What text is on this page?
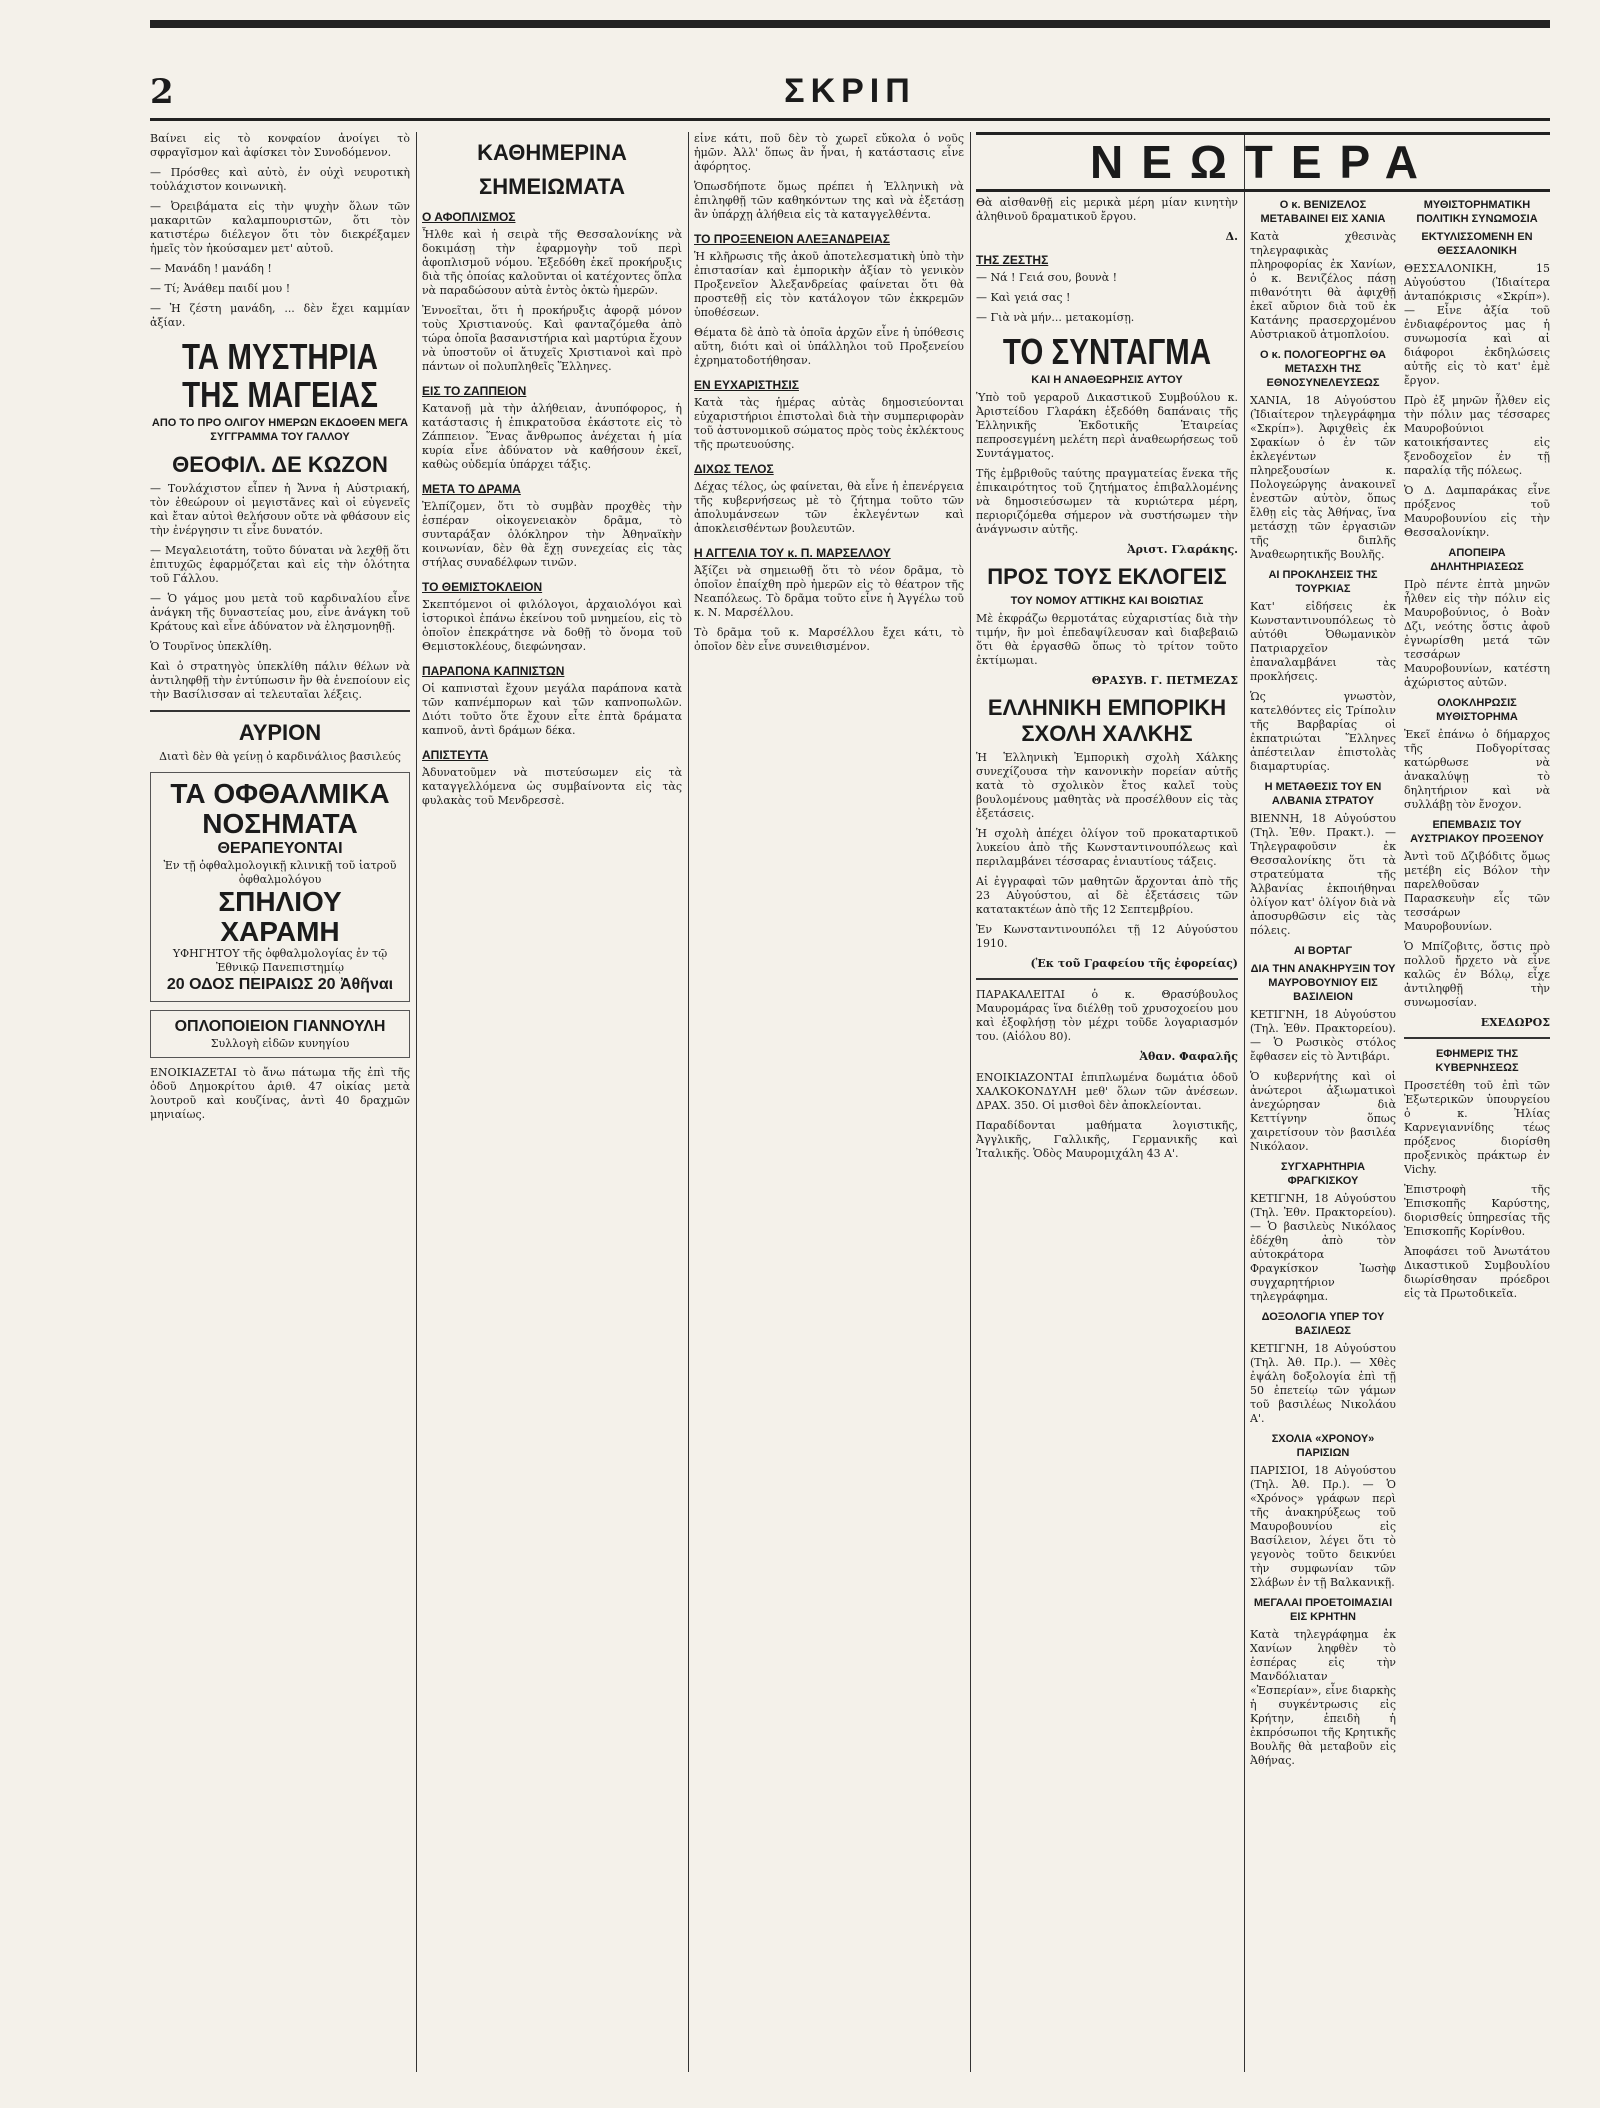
2	ΣΚΡΙΠ

Βαίνει εἰς τὸ κονφαίον ἀνοίγει τὸ σφραγῖσμον καὶ ἀφίσκει τὸν Συνοδόμενον.

— Πρόσθες καὶ αὐτὸ, ἐν οὐχὶ νευροτικὴ τοὐλάχιστον κοινωνικὴ.

— Ὀρειβάματα εἰς τὴν ψυχὴν ὅλων τῶν μακαριτῶν καλαμπουριστῶν, ὅτι τὸν κατιστέρω διέλεγον ὅτι τὸν διεκρέξαμεν ἡμεῖς τὸν ἠκούσαμεν μετ' αὐτοῦ.

— Μανάδη ! μανάδη !

— Τί; Ἀνάθεμ παιδί μου !

— Ἡ ζέστη μανάδη, ... δὲν ἔχει καμμίαν ἀξίαν.

ΤΑ ΜΥΣΤΗΡΙΑ ΤΗΣ ΜΑΓΕΙΑΣ
ΑΠΟ ΤΟ ΠΡΟ ΟΛΙΓΟΥ ΗΜΕΡΩΝ ΕΚΔΟΘΕΝ ΜΕΓΑ ΣΥΓΓΡΑΜΜΑ ΤΟΥ ΓΑΛΛΟΥ
ΘΕΟΦΙΛ. ΔΕ ΚΩΖΟΝ

— Τονλάχιστον εἶπεν ἡ Ἄννα ἡ Αὐστριακή, τὸν ἐθεώρουν οἱ μεγιστᾶνες καὶ οἱ εὐγενεῖς καὶ ἔταν αὐτοὶ θελήσουν οὔτε νὰ φθάσουν εἰς τὴν ἐνέργησιν τι εἶνε δυνατόν.

— Μεγαλειοτάτη, τοῦτο δύναται νὰ λεχθῇ ὅτι ἐπιτυχῶς ἐφαρμόζεται καὶ εἰς τὴν ὁλότητα τοῦ Γάλλου.

— Ὁ γάμος μου μετὰ τοῦ καρδιναλίου εἶνε ἀνάγκη τῆς δυναστείας μου, εἶνε ἀνάγκη τοῦ Κράτους καὶ εἶνε ἀδύνατον νὰ ἐλησμονηθῇ.

Ὁ Τουρῖνος ὑπεκλίθη.

Καὶ ὁ στρατηγὸς ὑπεκλίθη πάλιν θέλων νὰ ἀντιληφθῇ τὴν ἐντύπωσιν ἣν θὰ ἐνεποίουν εἰς τὴν Βασίλισσαν αἱ τελευταῖαι λέξεις.

ΑΥΡΙΟΝ

Διατὶ δὲν θὰ γείνῃ ὁ καρδινάλιος βασιλεύς

ΤΑ ΟΦΘΑΛΜΙΚΑ ΝΟΣΗΜΑΤΑ
ΘΕΡΑΠΕΥΟΝΤΑΙ
Ἐν τῇ ὀφθαλμολογικῇ κλινικῇ τοῦ ἰατροῦ ὀφθαλμολόγου
ΣΠΗΛΙΟΥ ΧΑΡΑΜΗ
ΥΦΗΓΗΤΟΥ τῆς ὀφθαλμολογίας ἐν τῷ Ἐθνικῷ Πανεπιστημίῳ
20 ΟΔΟΣ ΠΕΙΡΑΙΩΣ 20 Ἀθῆναι
ΟΠΛΟΠΟΙΕΙΟΝ ΓΙΑΝΝΟΥΛΗ
Συλλογὴ εἰδῶν κυνηγίου

ΕΝΟΙΚΙΑΖΕΤΑΙ τὸ ἄνω πάτωμα τῆς ἐπὶ τῆς ὁδοῦ Δημοκρίτου ἀριθ. 47 οἰκίας μετὰ λουτροῦ καὶ κουζίνας, ἀντὶ 40 δραχμῶν μηνιαίως.

ΚΑΘΗΜΕΡΙΝΑ
ΣΗΜΕΙΩΜΑΤΑ
Ο ΑΦΟΠΛΙΣΜΟΣ

Ἦλθε καὶ ἡ σειρὰ τῆς Θεσσαλονίκης νὰ δοκιμάσῃ τὴν ἐφαρμογὴν τοῦ περὶ ἀφοπλισμοῦ νόμου. Ἐξεδόθη ἐκεῖ προκήρυξις διὰ τῆς ὁποίας καλοῦνται οἱ κατέχοντες ὅπλα νὰ παραδώσουν αὐτὰ ἐντὸς ὀκτὼ ἡμερῶν.

Ἐννοεῖται, ὅτι ἡ προκήρυξις ἀφορᾷ μόνον τοὺς Χριστιανούς. Καὶ φανταζόμεθα ἀπὸ τώρα ὁποῖα βασανιστήρια καὶ μαρτύρια ἔχουν νὰ ὑποστοῦν οἱ ἄτυχεῖς Χριστιανοὶ καὶ πρὸ πάντων οἱ πολυπληθεῖς Ἕλληνες.

ΕΙΣ ΤΟ ΖΑΠΠΕΙΟΝ

Κατανοῇ μὰ τὴν ἀλήθειαν, ἀνυπόφορος, ἡ κατάστασις ἡ ἐπικρατοῦσα ἐκάστοτε εἰς τὸ Ζάππειον. Ἕνας ἄνθρωπος ἀνέχεται ἡ μία κυρία εἶνε ἀδύνατον νὰ καθήσουν ἐκεῖ, καθὼς οὐδεμία ὑπάρχει τάξις.

ΜΕΤΑ ΤΟ ΔΡΑΜΑ

Ἐλπίζομεν, ὅτι τὸ συμβὰν προχθὲς τὴν ἑσπέραν οἰκογενειακὸν δρᾶμα, τὸ συνταράξαν ὁλόκληρον τὴν Ἀθηναϊκὴν κοινωνίαν, δὲν θὰ ἔχῃ συνεχείας εἰς τὰς στήλας συναδέλφων τινῶν.

ΤΟ ΘΕΜΙΣΤΟΚΛΕΙΟΝ

Σκεπτόμενοι οἱ φιλόλογοι, ἀρχαιολόγοι καὶ ἱστορικοὶ ἐπάνω ἐκείνου τοῦ μνημείου, εἰς τὸ ὁποῖον ἐπεκράτησε νὰ δοθῇ τὸ ὄνομα τοῦ Θεμιστοκλέους, διεφώνησαν.

ΠΑΡΑΠΟΝΑ ΚΑΠΝΙΣΤΩΝ

Οἱ καπνισταὶ ἔχουν μεγάλα παράπονα κατὰ τῶν καπνέμπορων καὶ τῶν καπνοπωλῶν. Διότι τοῦτο ὅτε ἔχουν εἶτε ἐπτὰ δράματα καπνοῦ, ἀντὶ δράμων δέκα.

ΑΠΙΣΤΕΥΤΑ

Ἀδυνατοῦμεν νὰ πιστεύσωμεν εἰς τὰ καταγγελλόμενα ὡς συμβαίνοντα εἰς τὰς φυλακὰς τοῦ Μενδρεσσὲ.

εἶνε κάτι, ποῦ δὲν τὸ χωρεῖ εὔκολα ὁ νοῦς ἡμῶν. Ἀλλ' ὅπως ἂν ἦναι, ἡ κατάστασις εἶνε ἀφόρητος.

Ὁπωσδήποτε ὅμως πρέπει ἡ Ἑλληνικὴ νὰ ἐπιληφθῇ τῶν καθηκόντων της καὶ νὰ ἐξετάσῃ ἂν ὑπάρχῃ ἀλήθεια εἰς τὰ καταγγελθέντα.

ΤΟ ΠΡΟΞΕΝΕΙΟΝ ΑΛΕΞΑΝΔΡΕΙΑΣ

Ἡ κλῆρωσις τῆς ἀκοῦ ἀποτελεσματικὴ ὑπὸ τὴν ἐπιστασίαν καὶ ἐμπορικὴν ἀξίαν τὸ γενικὸν Προξενεῖον Ἀλεξανδρείας φαίνεται ὅτι θὰ προστεθῇ εἰς τὸν κατάλογον τῶν ἐκκρεμῶν ὑποθέσεων.

Θέματα δὲ ἀπὸ τὰ ὁποῖα ἀρχῶν εἶνε ἡ ὑπόθεσις αὕτη, διότι καὶ οἱ ὑπάλληλοι τοῦ Προξενείου ἐχρηματοδοτήθησαν.

ΕΝ ΕΥΧΑΡΙΣΤΗΣΙΣ

Κατὰ τὰς ἡμέρας αὐτὰς δημοσιεύονται εὐχαριστήριοι ἐπιστολαὶ διὰ τὴν συμπεριφορὰν τοῦ ἀστυνομικοῦ σώματος πρὸς τοὺς ἐκλέκτους τῆς πρωτευούσης.

ΔΙΧΩΣ ΤΕΛΟΣ

Δέχας τέλος, ὡς φαίνεται, θὰ εἶνε ἡ ἐπενέργεια τῆς κυβερνήσεως μὲ τὸ ζήτημα τοῦτο τῶν ἀπολυμάνσεων τῶν ἐκλεγέντων καὶ ἀποκλεισθέντων βουλευτῶν.

Η ΑΓΓΕΛΙΑ ΤΟΥ κ. Π. ΜΑΡΣΕΛΛΟΥ

Ἀξίζει νὰ σημειωθῇ ὅτι τὸ νέον δρᾶμα, τὸ ὁποῖον ἐπαίχθη πρὸ ἡμερῶν εἰς τὸ θέατρον τῆς Νεαπόλεως. Τὸ δρᾶμα τοῦτο εἶνε ἡ Ἀγγέλω τοῦ κ. Ν. Μαρσέλλου.

Τὸ δρᾶμα τοῦ κ. Μαρσέλλου ἔχει κάτι, τὸ ὁποῖον δὲν εἶνε συνειθισμένον.

ΝΕΩΤΕΡΑ

Θὰ αἰσθανθῇ εἰς μερικὰ μέρη μίαν κινητὴν ἀληθινοῦ δραματικοῦ ἔργου.

Δ.
ΤΗΣ ΖΕΣΤΗΣ

— Νά ! Γειά σου, βουνὰ !

— Καὶ γειά σας !

— Γιὰ νὰ μήν... μετακομίσῃ.

ΤΟ ΣΥΝΤΑΓΜΑ
ΚΑΙ Η ΑΝΑΘΕΩΡΗΣΙΣ ΑΥΤΟΥ

Ὑπὸ τοῦ γεραροῦ Δικαστικοῦ Συμβούλου κ. Ἀριστείδου Γλαράκη ἐξεδόθη δαπάναις τῆς Ἑλληνικῆς Ἐκδοτικῆς Ἑταιρείας πεπροσεγμένη μελέτη περὶ ἀναθεωρήσεως τοῦ Συντάγματος.

Τῆς ἐμβριθοῦς ταύτης πραγματείας ἕνεκα τῆς ἐπικαιρότητος τοῦ ζητήματος ἐπιβαλλομένης νὰ δημοσιεύσωμεν τὰ κυριώτερα μέρη, περιοριζόμεθα σήμερον νὰ συστήσωμεν τὴν ἀνάγνωσιν αὐτῆς.

Ἀριστ. Γλαράκης.
ΠΡΟΣ ΤΟΥΣ ΕΚΛΟΓΕΙΣ
ΤΟΥ ΝΟΜΟΥ ΑΤΤΙΚΗΣ ΚΑΙ ΒΟΙΩΤΙΑΣ

Μὲ ἐκφράζω θερμοτάτας εὐχαριστίας διὰ τὴν τιμήν, ἣν μοὶ ἐπεδαψίλευσαν καὶ διαβεβαιῶ ὅτι θὰ ἐργασθῶ ὅπως τὸ τρίτον τοῦτο ἐκτίμωμαι.

ΘΡΑΣΥΒ. Γ. ΠΕΤΜΕΖΑΣ
ΕΛΛΗΝΙΚΗ ΕΜΠΟΡΙΚΗ ΣΧΟΛΗ ΧΑΛΚΗΣ

Ἡ Ἑλληνικὴ Ἐμπορικὴ σχολὴ Χάλκης συνεχίζουσα τὴν κανονικὴν πορείαν αὐτῆς κατὰ τὸ σχολικὸν ἔτος καλεῖ τοὺς βουλομένους μαθητὰς νὰ προσέλθουν εἰς τὰς ἐξετάσεις.

Ἡ σχολὴ ἀπέχει ὀλίγον τοῦ προκαταρτικοῦ λυκείου ἀπὸ τῆς Κωνσταντινουπόλεως καὶ περιλαμβάνει τέσσαρας ἐνιαυτίους τάξεις.

Αἱ ἐγγραφαὶ τῶν μαθητῶν ἄρχονται ἀπὸ τῆς 23 Αὐγούστου, αἱ δὲ ἐξετάσεις τῶν κατατακτέων ἀπὸ τῆς 12 Σεπτεμβρίου.

Ἐν Κωνσταντινουπόλει τῇ 12 Αὐγούστου 1910.

(Ἐκ τοῦ Γραφείου τῆς ἐφορείας)

ΠΑΡΑΚΑΛΕΙΤΑΙ ὁ κ. Θρασύβουλος Μαυρομάρας ἵνα διέλθῃ τοῦ χρυσοχοείου μου καὶ ἐξοφλήσῃ τὸν μέχρι τοῦδε λογαριασμόν του. (Αἰόλου 80).

Ἀθαν. Φαφαλῆς

ΕΝΟΙΚΙΑΖΟΝΤΑΙ ἐπιπλωμένα δωμάτια ὁδοῦ ΧΑΛΚΟΚΟΝΔΥΛΗ μεθ' ὅλων τῶν ἀνέσεων. ΔΡΑΧ. 350. Οἱ μισθοὶ δὲν ἀποκλείονται.

Παραδίδονται μαθήματα λογιστικῆς, Ἀγγλικῆς, Γαλλικῆς, Γερμανικῆς καὶ Ἰταλικῆς. Ὁδὸς Μαυρομιχάλη 43 Α'.

Ο κ. ΒΕΝΙΖΕΛΟΣ ΜΕΤΑΒΑΙΝΕΙ ΕΙΣ ΧΑΝΙΑ

Κατὰ χθεσινὰς τηλεγραφικὰς πληροφορίας ἐκ Χανίων, ὁ κ. Βενιζέλος πάσῃ πιθανότητι θὰ ἀφιχθῇ ἐκεῖ αὔριον διὰ τοῦ ἐκ Κατάνης πρασερχομένου Αὐστριακοῦ ἀτμοπλοίου.

Ο κ. ΠΟΛΟΓΕΟΡΓΗΣ ΘΑ ΜΕΤΑΣΧΗ ΤΗΣ ΕΘΝΟΣΥΝΕΛΕΥΣΕΩΣ

ΧΑΝΙΑ, 18 Αὐγούστου (Ἰδιαίτερον τηλεγράφημα «Σκρίπ»). Ἀφιχθεὶς ἐκ Σφακίων ὁ ἐν τῶν ἐκλεγέντων πληρεξουσίων κ. Πολογεώργης ἀνακοινεῖ ἐνεστῶν αὐτὸν, ὅπως ἔλθῃ εἰς τὰς Ἀθήνας, ἵνα μετάσχῃ τῶν ἐργασιῶν τῆς διπλῆς Ἀναθεωρητικῆς Βουλῆς.

ΑΙ ΠΡΟΚΛΗΣΕΙΣ ΤΗΣ ΤΟΥΡΚΙΑΣ

Κατ' εἰδήσεις ἐκ Κωνσταντινουπόλεως τὸ αὐτόθι Ὀθωμανικὸν Πατριαρχεῖον ἐπαναλαμβάνει τὰς προκλήσεις.

Ὡς γνωστὸν, κατελθόντες εἰς Τρίπολιν τῆς Βαρβαρίας οἱ ἐκπατριώται Ἕλληνες ἀπέστειλαν ἐπιστολὰς διαμαρτυρίας.

Η ΜΕΤΑΘΕΣΙΣ ΤΟΥ ΕΝ ΑΛΒΑΝΙΑ ΣΤΡΑΤΟΥ

ΒΙΕΝΝΗ, 18 Αὐγούστου (Τηλ. Ἐθν. Πρακτ.). — Τηλεγραφοῦσιν ἐκ Θεσσαλονίκης ὅτι τὰ στρατεύματα τῆς Ἀλβανίας ἐκποιήθηναι ὀλίγον κατ' ὀλίγον διὰ νὰ ἀποσυρθῶσιν εἰς τὰς πόλεις.

ΑΙ ΒΟΡΤΑΓ
ΔΙΑ ΤΗΝ ΑΝΑΚΗΡΥΞΙΝ ΤΟΥ ΜΑΥΡΟΒΟΥΝΙΟΥ ΕΙΣ ΒΑΣΙΛΕΙΟΝ

ΚΕΤΙΓΝΗ, 18 Αὐγούστου (Τηλ. Ἐθν. Πρακτορείου). — Ὁ Ρωσικὸς στόλος ἔφθασεν εἰς τὸ Ἀντιβάρι.

Ὁ κυβερνήτης καὶ οἱ ἀνώτεροι ἀξιωματικοὶ ἀνεχώρησαν διὰ Κεττίγνην ὅπως χαιρετίσουν τὸν βασιλέα Νικόλαον.

ΣΥΓΧΑΡΗΤΗΡΙΑ ΦΡΑΓΚΙΣΚΟΥ

ΚΕΤΙΓΝΗ, 18 Αὐγούστου (Τηλ. Ἐθν. Πρακτορείου). — Ὁ βασιλεὺς Νικόλαος ἐδέχθη ἀπὸ τὸν αὐτοκράτορα Φραγκίσκον Ἰωσὴφ συγχαρητήριον τηλεγράφημα.

ΔΟΞΟΛΟΓΙΑ ΥΠΕΡ ΤΟΥ ΒΑΣΙΛΕΩΣ

ΚΕΤΙΓΝΗ, 18 Αὐγούστου (Τηλ. Ἀθ. Πρ.). — Χθὲς ἐψάλη δοξολογία ἐπὶ τῇ 50 ἐπετείῳ τῶν γάμων τοῦ βασιλέως Νικολάου Α'.

ΣΧΟΛΙΑ «ΧΡΟΝΟΥ» ΠΑΡΙΣΙΩΝ

ΠΑΡΙΣΙΟΙ, 18 Αὐγούστου (Τηλ. Ἀθ. Πρ.). — Ὁ «Χρόνος» γράφων περὶ τῆς ἀνακηρύξεως τοῦ Μαυροβουνίου εἰς Βασίλειον, λέγει ὅτι τὸ γεγονὸς τοῦτο δεικνύει τὴν συμφωνίαν τῶν Σλάβων ἐν τῇ Βαλκανικῇ.

ΜΕΓΑΛΑΙ ΠΡΟΕΤΟΙΜΑΣΙΑΙ ΕΙΣ ΚΡΗΤΗΝ

Κατὰ τηλεγράφημα ἐκ Χανίων ληφθὲν τὸ ἑσπέρας εἰς τὴν Μανδόλιαταν «Ἑσπερίαν», εἶνε διαρκὴς ἡ συγκέντρωσις εἰς Κρήτην, ἐπειδὴ ἡ ἐκπρόσωποι τῆς Κρητικῆς Βουλῆς θὰ μεταβοῦν εἰς Ἀθήνας.

ΜΥΘΙΣΤΟΡΗΜΑΤΙΚΗ ΠΟΛΙΤΙΚΗ ΣΥΝΩΜΟΣΙΑ
ΕΚΤΥΛΙΣΣΟΜΕΝΗ ΕΝ ΘΕΣΣΑΛΟΝΙΚΗ

ΘΕΣΣΑΛΟΝΙΚΗ, 15 Αὐγούστου (Ἰδιαίτερα ἀνταπόκρισις «Σκρίπ»). — Εἶνε ἀξία τοῦ ἐνδιαφέροντος μας ἡ συνωμοσία καὶ αἱ διάφοροι ἐκδηλώσεις αὐτῆς εἰς τὸ κατ' ἐμὲ ἔργον.

Πρὸ ἐξ μηνῶν ἦλθεν εἰς τὴν πόλιν μας τέσσαρες Μαυροβούνιοι κατοικήσαντες εἰς ξενοδοχεῖον ἐν τῇ παραλίᾳ τῆς πόλεως.

Ὁ Δ. Δαμπαράκας εἶνε πρόξενος τοῦ Μαυροβουνίου εἰς τὴν Θεσσαλονίκην.

ΑΠΟΠΕΙΡΑ ΔΗΛΗΤΗΡΙΑΣΕΩΣ

Πρὸ πέντε ἐπτὰ μηνῶν ἦλθεν εἰς τὴν πόλιν εἰς Μαυροβούνιος, ὁ Βοὰν Δζι, νεότης ὅστις ἀφοῦ ἐγνωρίσθη μετά τῶν τεσσάρων Μαυροβουνίων, κατέστη ἀχώριστος αὐτῶν.

ΟΛΟΚΛΗΡΩΣΙΣ ΜΥΘΙΣΤΟΡΗΜΑ

Ἐκεῖ ἐπάνω ὁ δήμαρχος τῆς Ποδγορίτσας κατώρθωσε νὰ ἀνακαλύψῃ τὸ δηλητήριον καὶ νὰ συλλάβῃ τὸν ἔνοχον.

ΕΠΕΜΒΑΣΙΣ ΤΟΥ ΑΥΣΤΡΙΑΚΟΥ ΠΡΟΞΕΝΟΥ

Ἀντὶ τοῦ Δζιβόδιτς ὅμως μετέβη εἰς Βόλον τὴν παρελθοῦσαν Παρασκευὴν εἷς τῶν τεσσάρων Μαυροβουνίων.

Ὁ Μπίζοβιτς, ὅστις πρὸ πολλοῦ ἤρχετο νὰ εἶνε καλῶς ἐν Βόλῳ, εἶχε ἀντιληφθῇ τὴν συνωμοσίαν.

ΕΧΕΔΩΡΟΣ
ΕΦΗΜΕΡΙΣ ΤΗΣ ΚΥΒΕΡΝΗΣΕΩΣ

Προσετέθη τοῦ ἐπὶ τῶν Ἐξωτερικῶν ὑπουργείου ὁ κ. Ἠλίας Καρνεγιαννίδης τέως πρόξενος διορίσθη προξενικὸς πράκτωρ ἐν Vichy.

Ἐπιστροφὴ τῆς Ἐπισκοπῆς Καρύστης, διορισθείς ὑπηρεσίας τῆς Ἐπισκοπῆς Κορίνθου.

Ἀποφάσει τοῦ Ἀνωτάτου Δικαστικοῦ Συμβουλίου διωρίσθησαν πρόεδροι εἰς τὰ Πρωτοδικεῖα.
